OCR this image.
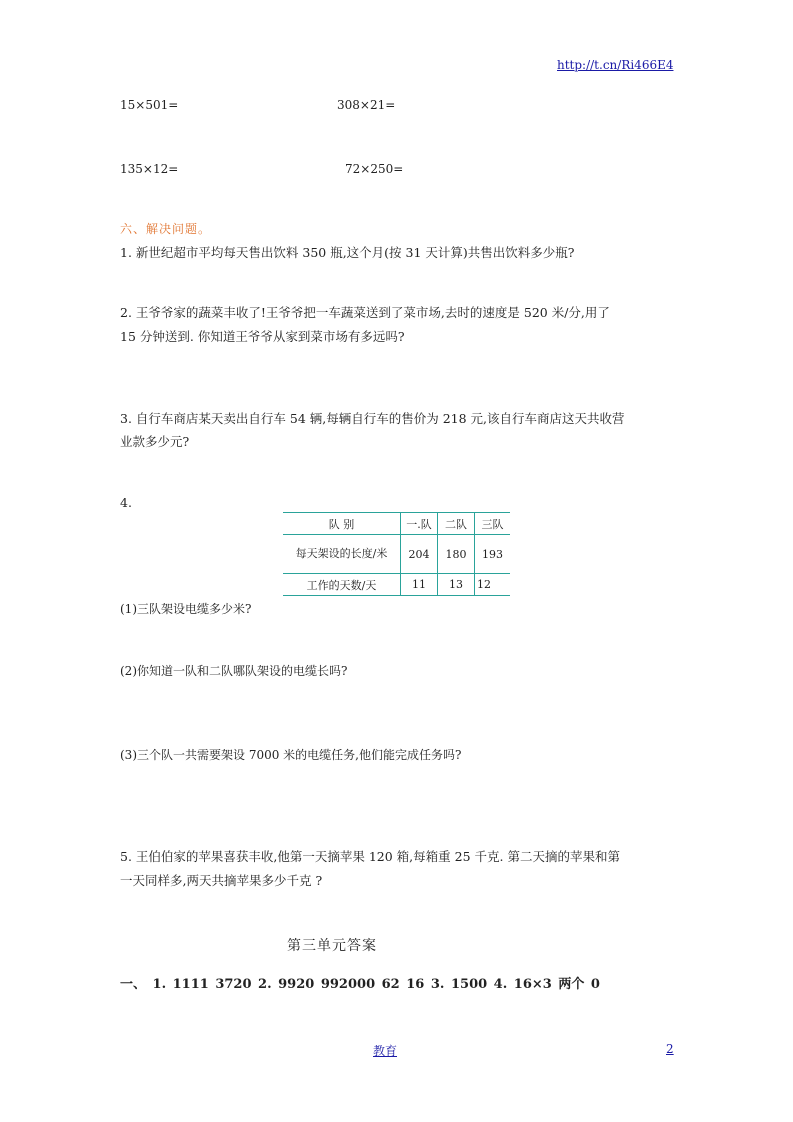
http://t.cn/Ri466E4
15×501=	308×21=
135×12=	72×250=
六、解决问题。
1. 新世纪超市平均每天售出饮料 350 瓶,这个月(按 31 天计算)共售出饮料多少瓶?
2. 王爷爷家的蔬菜丰收了!王爷爷把一车蔬菜送到了菜市场,去时的速度是 520 米/分,用了
15 分钟送到. 你知道王爷爷从家到菜市场有多远吗?
3. 自行车商店某天卖出自行车 54 辆,每辆自行车的售价为 218 元,该自行车商店这天共收营
业款多少元?
4.
队 别	一.队	二队	三队
每天架设的长度/米	204	180	193
工作的天数/天	11	13	12
(1)三队架设电缆多少米?
(2)你知道一队和二队哪队架设的电缆长吗?
(3)三个队一共需要架设 7000 米的电缆任务,他们能完成任务吗?
5. 王伯伯家的苹果喜获丰收,他第一天摘苹果 120 箱,每箱重 25 千克. 第二天摘的苹果和第
一天同样多,两天共摘苹果多少千克 ?
第三单元答案
一、 1. 1111 3720 2. 9920 992000 62 16 3. 1500 4. 16×3 两个 0
教育	2
